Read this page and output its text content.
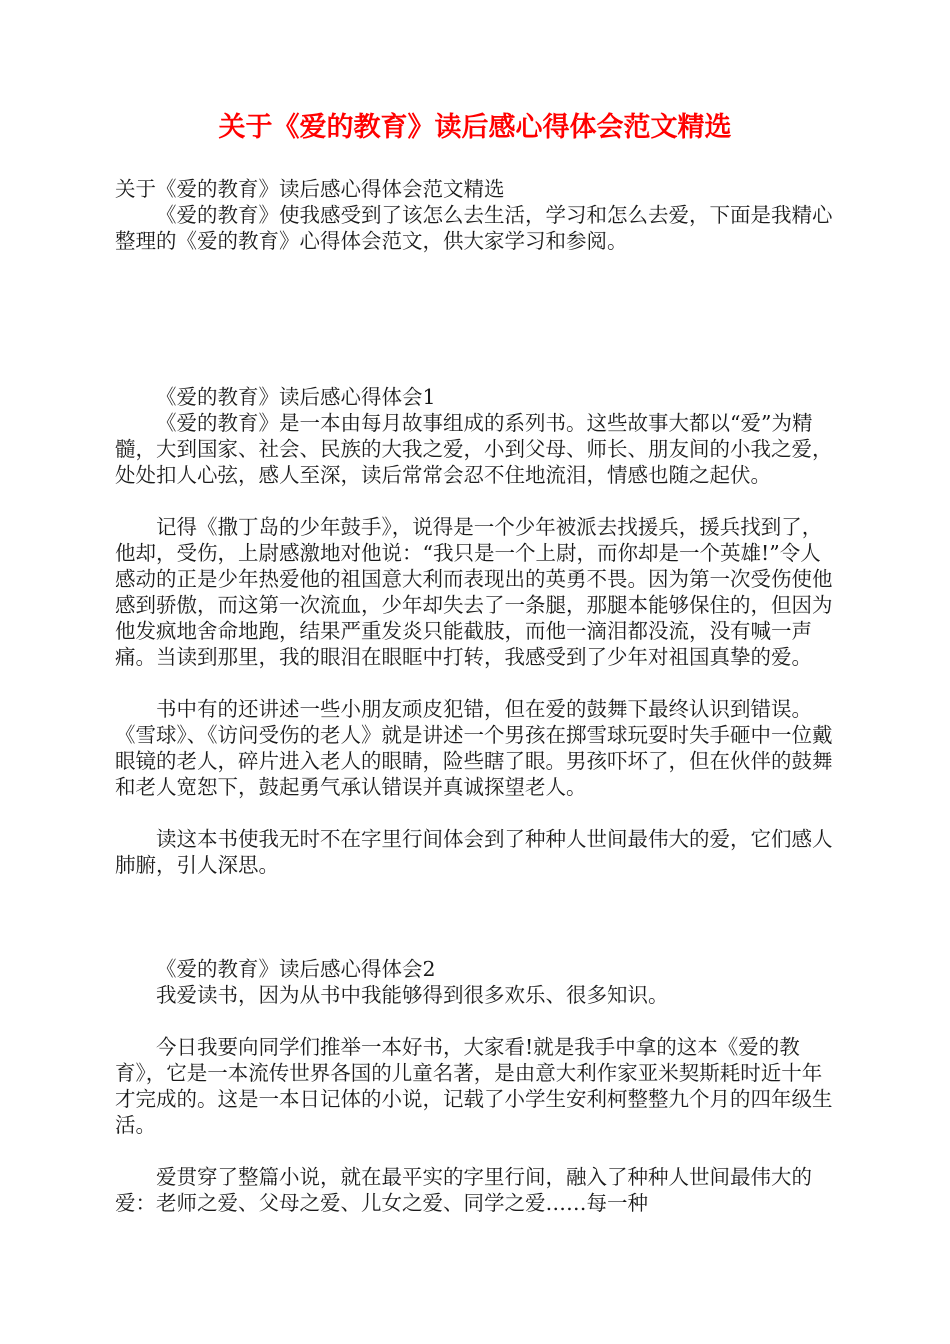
关于《爱的教育》读后感心得体会范文精选

关于《爱的教育》读后感心得体会范文精选

《爱的教育》使我感受到了该怎么去生活，学习和怎么去爱，下面是我精心整理的《爱的教育》心得体会范文，供大家学习和参阅。

《爱的教育》读后感心得体会1

《爱的教育》是一本由每月故事组成的系列书。这些故事大都以“爱”为精髓，大到国家、社会、民族的大我之爱，小到父母、师长、朋友间的小我之爱，处处扣人心弦，感人至深，读后常常会忍不住地流泪，情感也随之起伏。

记得《撒丁岛的少年鼓手》，说得是一个少年被派去找援兵，援兵找到了，他却，受伤，上尉感激地对他说：“我只是一个上尉，而你却是一个英雄!”令人感动的正是少年热爱他的祖国意大利而表现出的英勇不畏。因为第一次受伤使他感到骄傲，而这第一次流血，少年却失去了一条腿，那腿本能够保住的，但因为他发疯地舍命地跑，结果严重发炎只能截肢，而他一滴泪都没流，没有喊一声痛。当读到那里，我的眼泪在眼眶中打转，我感受到了少年对祖国真挚的爱。

书中有的还讲述一些小朋友顽皮犯错，但在爱的鼓舞下最终认识到错误。《雪球》、《访问受伤的老人》就是讲述一个男孩在掷雪球玩耍时失手砸中一位戴眼镜的老人，碎片进入老人的眼睛，险些瞎了眼。男孩吓坏了，但在伙伴的鼓舞和老人宽恕下，鼓起勇气承认错误并真诚探望老人。

读这本书使我无时不在字里行间体会到了种种人世间最伟大的爱，它们感人肺腑，引人深思。

《爱的教育》读后感心得体会2

我爱读书，因为从书中我能够得到很多欢乐、很多知识。

今日我要向同学们推举一本好书，大家看!就是我手中拿的这本《爱的教育》，它是一本流传世界各国的儿童名著，是由意大利作家亚米契斯耗时近十年才完成的。这是一本日记体的小说，记载了小学生安利柯整整九个月的四年级生活。

爱贯穿了整篇小说，就在最平实的字里行间，融入了种种人世间最伟大的爱：老师之爱、父母之爱、儿女之爱、同学之爱……每一种
